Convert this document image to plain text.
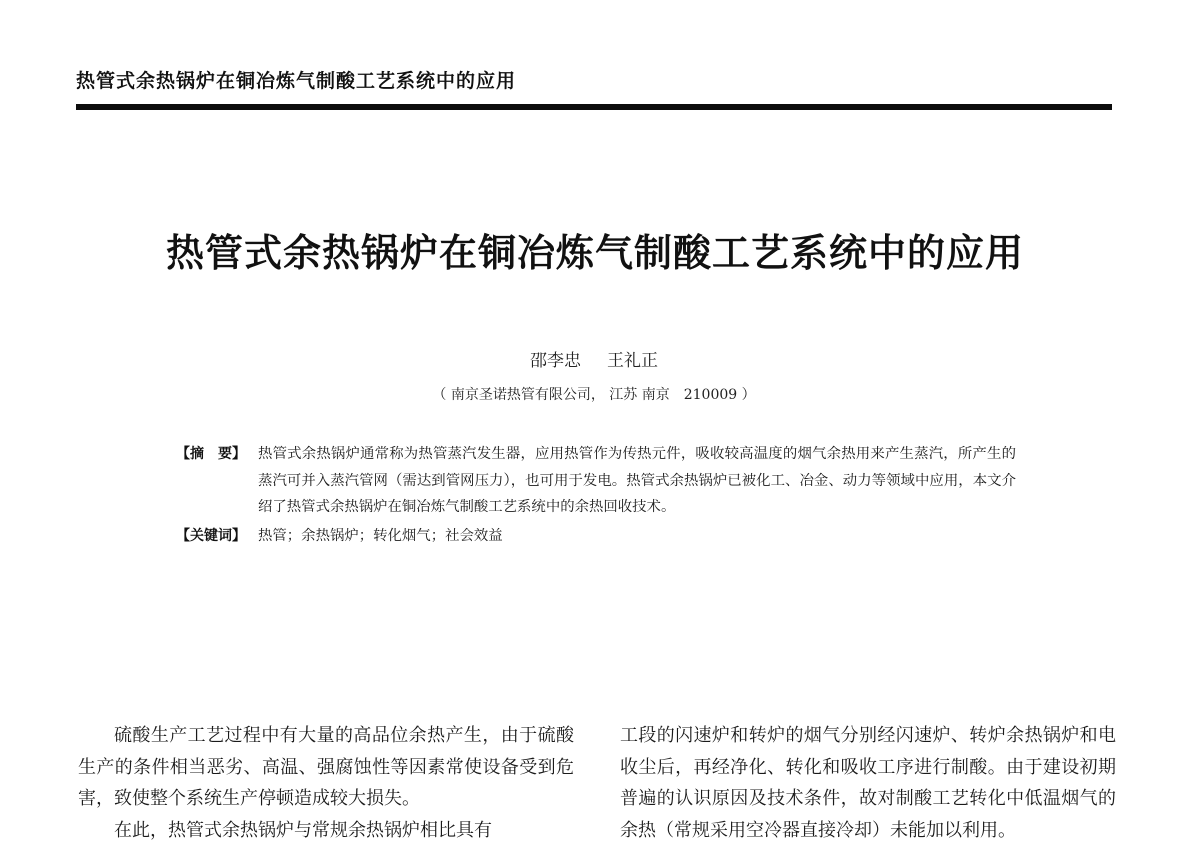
热管式余热锅炉在铜冶炼气制酸工艺系统中的应用
热管式余热锅炉在铜冶炼气制酸工艺系统中的应用
邵李忠 王礼正
（ 南京圣诺热管有限公司， 江苏 南京　210009 ）
【摘　要】 热管式余热锅炉通常称为热管蒸汽发生器，应用热管作为传热元件，吸收较高温度的烟气余热用来产生蒸汽，所产生的蒸汽可并入蒸汽管网（需达到管网压力），也可用于发电。热管式余热锅炉已被化工、冶金、动力等领域中应用，本文介绍了热管式余热锅炉在铜冶炼气制酸工艺系统中的余热回收技术。
【关键词】 热管；余热锅炉；转化烟气；社会效益

硫酸生产工艺过程中有大量的高品位余热产生，由于硫酸生产的条件相当恶劣、高温、强腐蚀性等因素常使设备受到危害，致使整个系统生产停顿造成较大损失。

在此，热管式余热锅炉与常规余热锅炉相比具有

工段的闪速炉和转炉的烟气分别经闪速炉、转炉余热锅炉和电收尘后，再经净化、转化和吸收工序进行制酸。由于建设初期普遍的认识原因及技术条件，故对制酸工艺转化中低温烟气的余热（常规采用空冷器直接冷却）未能加以利用。
